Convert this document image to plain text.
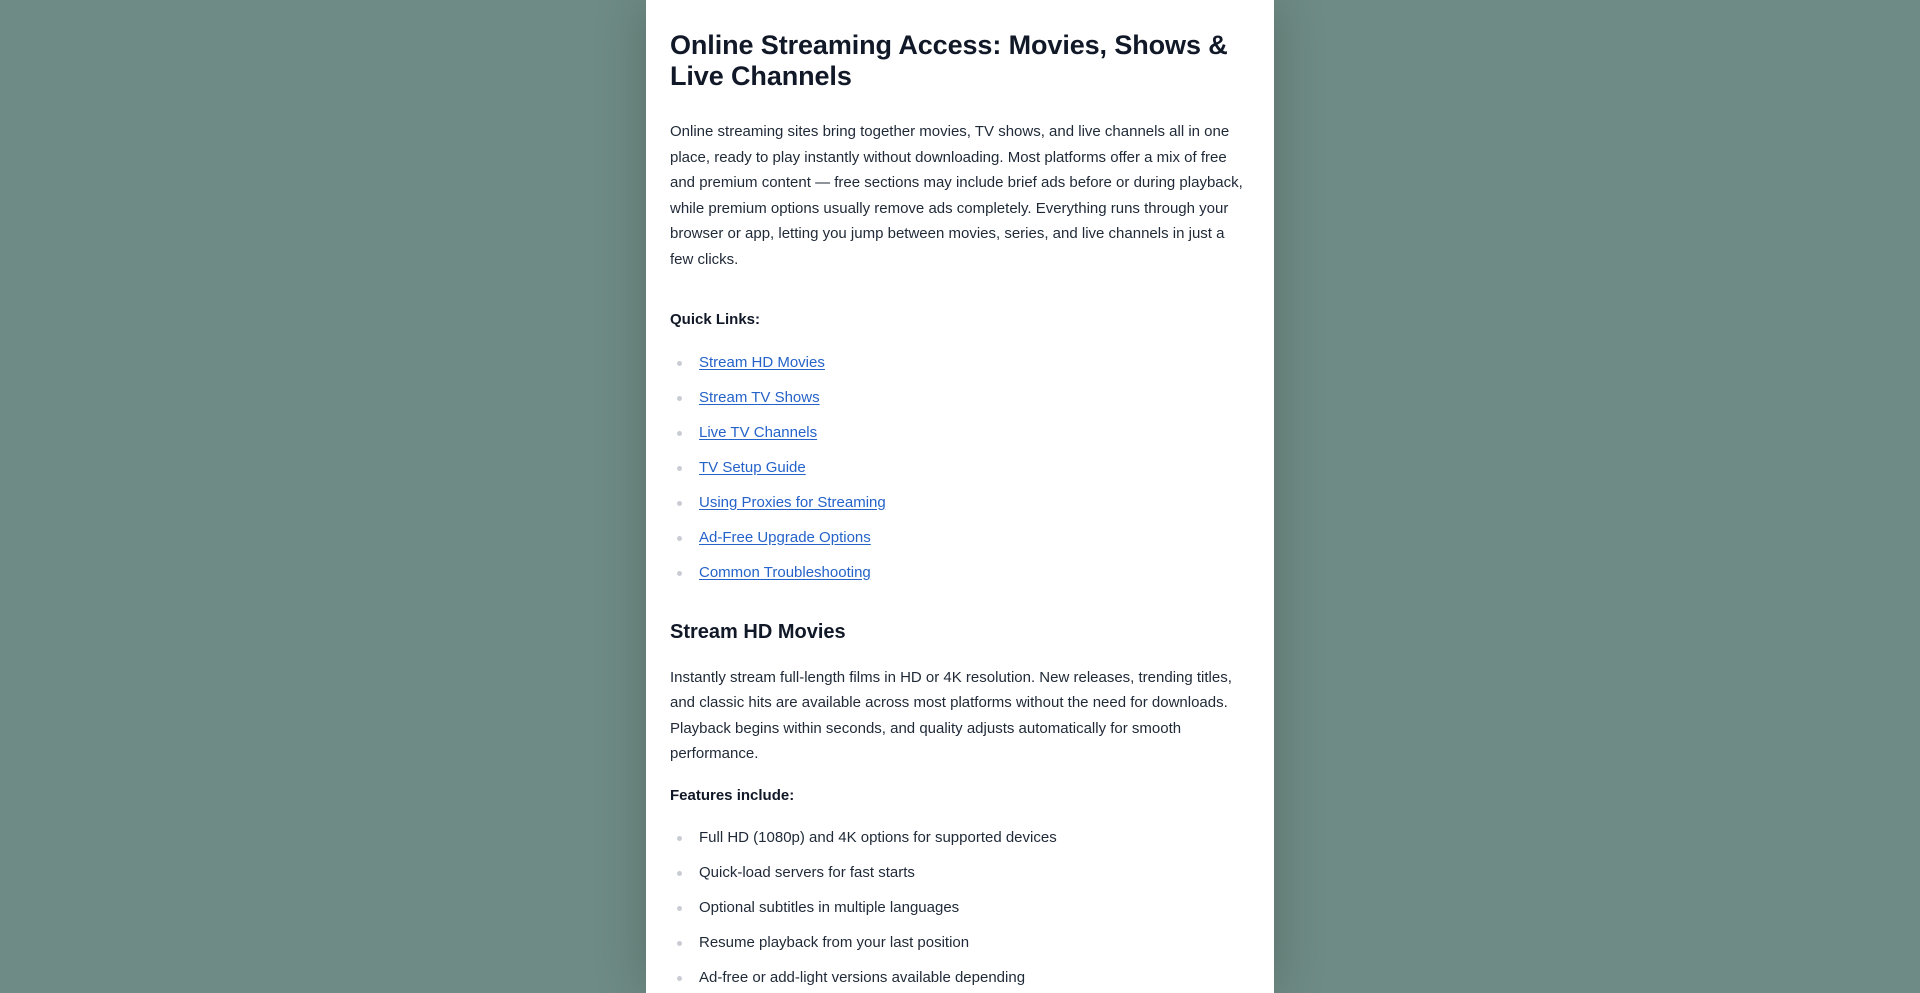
Online Streaming Access: Movies, Shows & Live Channels

Online streaming sites bring together movies, TV shows, and live channels all in one place, ready to play instantly without downloading. Most platforms offer a mix of free and premium content — free sections may include brief ads before or during playback, while premium options usually remove ads completely. Everything runs through your browser or app, letting you jump between movies, series, and live channels in just a few clicks.

Quick Links:
Stream HD Movies
Stream TV Shows
Live TV Channels
TV Setup Guide
Using Proxies for Streaming
Ad-Free Upgrade Options
Common Troubleshooting
Stream HD Movies

Instantly stream full-length films in HD or 4K resolution. New releases, trending titles, and classic hits are available across most platforms without the need for downloads. Playback begins within seconds, and quality adjusts automatically for smooth performance.

Features include:
Full HD (1080p) and 4K options for supported devices
Quick-load servers for fast starts
Optional subtitles in multiple languages
Resume playback from your last position
Ad-free or add-light versions available depending
